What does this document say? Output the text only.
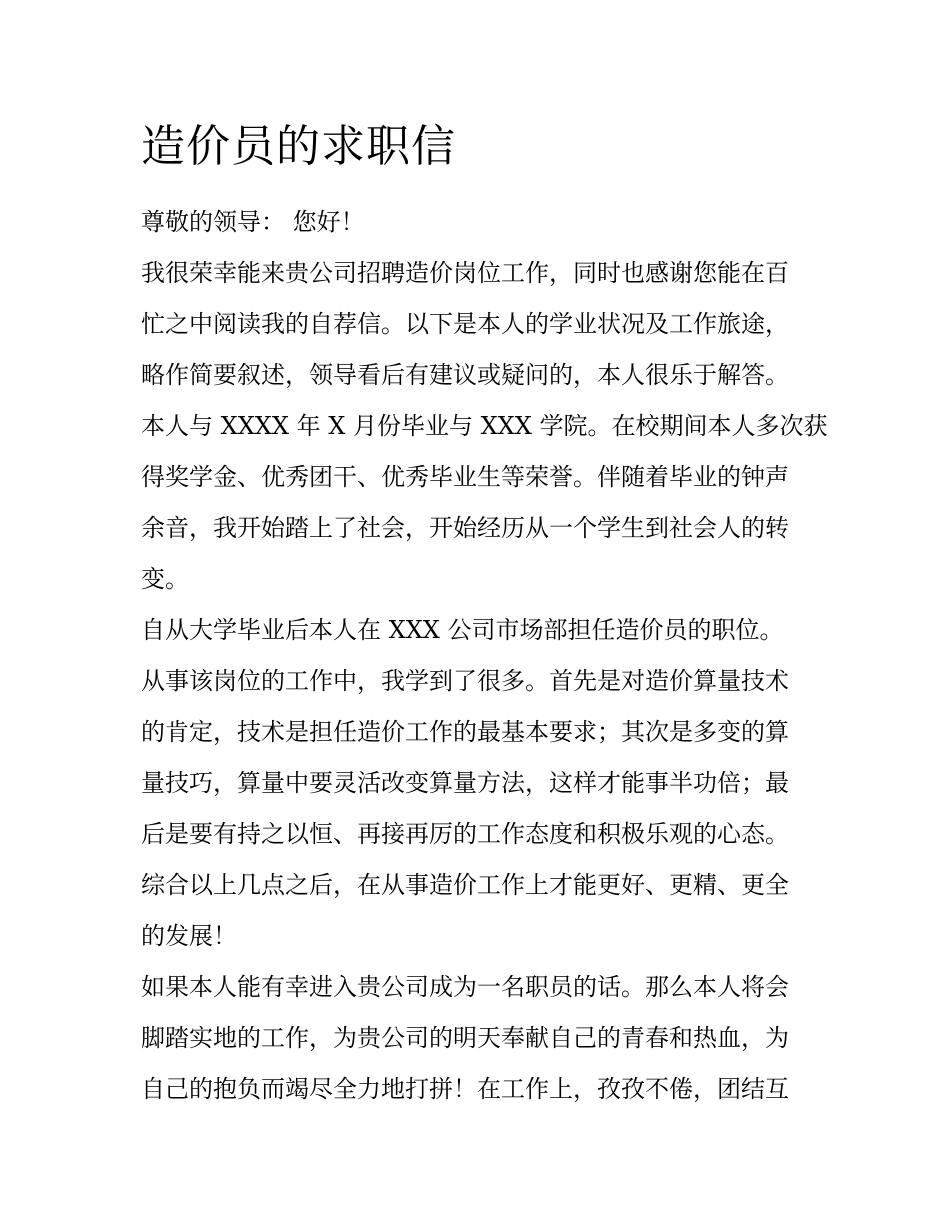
造价员的求职信

尊敬的领导： 您好！

我很荣幸能来贵公司招聘造价岗位工作，同时也感谢您能在百

忙之中阅读我的自荐信。以下是本人的学业状况及工作旅途，

略作简要叙述，领导看后有建议或疑问的，本人很乐于解答。

本人与 XXXX 年 X 月份毕业与 XXX 学院。在校期间本人多次获

得奖学金、优秀团干、优秀毕业生等荣誉。伴随着毕业的钟声

余音，我开始踏上了社会，开始经历从一个学生到社会人的转

变。

自从大学毕业后本人在 XXX 公司市场部担任造价员的职位。

从事该岗位的工作中，我学到了很多。首先是对造价算量技术

的肯定，技术是担任造价工作的最基本要求；其次是多变的算

量技巧，算量中要灵活改变算量方法，这样才能事半功倍；最

后是要有持之以恒、再接再厉的工作态度和积极乐观的心态。

综合以上几点之后，在从事造价工作上才能更好、更精、更全

的发展！

如果本人能有幸进入贵公司成为一名职员的话。那么本人将会

脚踏实地的工作，为贵公司的明天奉献自己的青春和热血，为

自己的抱负而竭尽全力地打拼！在工作上，孜孜不倦，团结互
